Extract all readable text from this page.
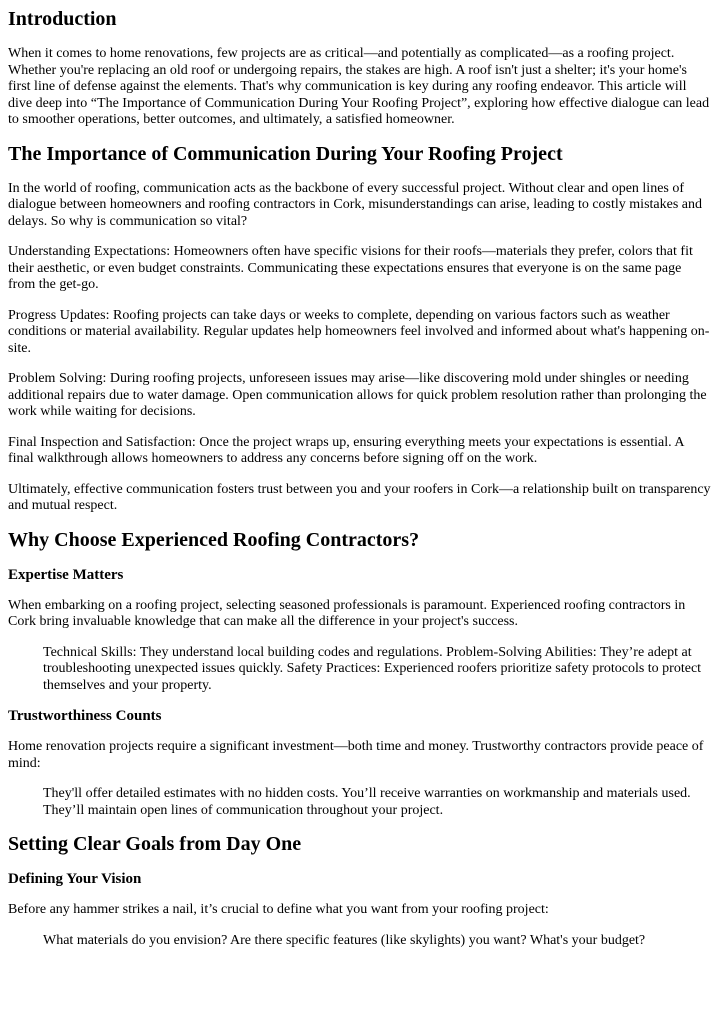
Introduction

When it comes to home renovations, few projects are as critical—and potentially as complicated—as a roofing project. Whether you're replacing an old roof or undergoing repairs, the stakes are high. A roof isn't just a shelter; it's your home's first line of defense against the elements. That's why communication is key during any roofing endeavor. This article will dive deep into “The Importance of Communication During Your Roofing Project”, exploring how effective dialogue can lead to smoother operations, better outcomes, and ultimately, a satisfied homeowner.

The Importance of Communication During Your Roofing Project

In the world of roofing, communication acts as the backbone of every successful project. Without clear and open lines of dialogue between homeowners and roofing contractors in Cork, misunderstandings can arise, leading to costly mistakes and delays. So why is communication so vital?

Understanding Expectations: Homeowners often have specific visions for their roofs—materials they prefer, colors that fit their aesthetic, or even budget constraints. Communicating these expectations ensures that everyone is on the same page from the get-go.

Progress Updates: Roofing projects can take days or weeks to complete, depending on various factors such as weather conditions or material availability. Regular updates help homeowners feel involved and informed about what's happening on-site.

Problem Solving: During roofing projects, unforeseen issues may arise—like discovering mold under shingles or needing additional repairs due to water damage. Open communication allows for quick problem resolution rather than prolonging the work while waiting for decisions.

Final Inspection and Satisfaction: Once the project wraps up, ensuring everything meets your expectations is essential. A final walkthrough allows homeowners to address any concerns before signing off on the work.

Ultimately, effective communication fosters trust between you and your roofers in Cork—a relationship built on transparency and mutual respect.

Why Choose Experienced Roofing Contractors?
Expertise Matters

When embarking on a roofing project, selecting seasoned professionals is paramount. Experienced roofing contractors in Cork bring invaluable knowledge that can make all the difference in your project's success.

Technical Skills: They understand local building codes and regulations. Problem-Solving Abilities: They’re adept at troubleshooting unexpected issues quickly. Safety Practices: Experienced roofers prioritize safety protocols to protect themselves and your property.
Trustworthiness Counts

Home renovation projects require a significant investment—both time and money. Trustworthy contractors provide peace of mind:

They'll offer detailed estimates with no hidden costs. You’ll receive warranties on workmanship and materials used. They’ll maintain open lines of communication throughout your project.
Setting Clear Goals from Day One
Defining Your Vision

Before any hammer strikes a nail, it’s crucial to define what you want from your roofing project:

What materials do you envision? Are there specific features (like skylights) you want? What's your budget?
